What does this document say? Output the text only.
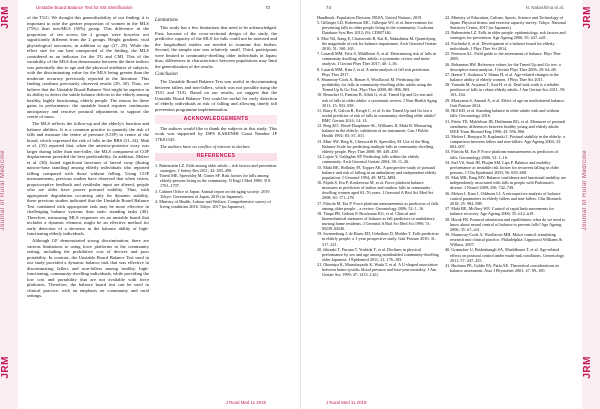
JRM
Journal of Rural Medicine
JRM
Unstable Board Balance Test for MS Identification	73

of the TUG. We thought this generalizability of our finding; it is important to note the greater proportion of women in the MLS (75%) than non-MLS (30%) group. This difference in the proportion of sex across the 2 groups were however not significantly different from the 2 groups. Height gradient, vital physiological outcomes, in addition to age (27, 29). While the effect size for our best unexpected of the finding, the MLS considered as an indicator for the TG and CMI. This of the variability of the MLS that demonstrate between the three indices was potentially due to age and the physical attributes of subjects, with the discriminating value for the MLS being greater than the moderate accuracy previously reported in the literature. This finding confirms previously observed results (29, 30). Thus, we believe that the Unstable Board Balance Test might be superior in its ability to detect the subtle balance deficits in the elderly among healthy, highly functioning, elderly people. The reason for these gains in performance: the unstable board requires continuous anticipatory and reactive postural adjustments to support the centre of mass.

The MLS reflects the follow-up and the elderly's function and balance abilities. It is a common practice to quantify the risk of falls and measure the centre of pressure (COP) in centre of the board, which expressed the risk of falls in the BBS (31–34). Mak et al. (35) reported that, when the anterior-posterior sway was larger during faller than non-faller, the MLS component of COP displacement provided the best predictability. In addition, Melzer et al. (36) found significant increases of lateral sway (during narrow-base standing) among elderly individuals who reported falling compared with those without falling. Using COP measurements, previous studies have observed that when vision, proprioceptive feedback and vestibular input are altered, people who are older have poorer postural stability. Thus, with appropriate degradation occurring only for dynamic stability, these previous studies indicated that the Unstable Board Balance Test combined with appropriate task may be more effective in challenging balance systems than static standing tasks (40). Therefore, measuring MLS responses on an unstable board that includes a dynamic element, might be an effective method for early detection of a decrease in the balance ability of high-functioning elderly individuals.

Although GF demonstrated strong discrimination, there are various limitations to using force platforms in the community setting, including the prohibitive cost of devices and poor portability. In contrast, the Unstable Board Balance Test used in our study provided a dynamic balance task that was effective in discriminating fallers and non-fallers among healthy, high-functioning, community-dwelling individuals, while providing the low cost and portability that are not available with force platforms. Therefore, the balance board test can be used in clinical practice, with an emphasis on community and rural settings.

Limitations

This study has a few limitations that need to be acknowledged. First, because of the cross-sectional design of the study, the predictive capacity of the MLS for falls could not be assessed and the longitudinal studies are needed to examine this further. Second, the sample size was relatively small. Third, participants were limited to community-dwelling older individuals in Japan; thus, differences in characteristics between populations may limit the generalization of the results.

Conclusion

The Unstable Board Balance Test was useful in discriminating between fallers and non-fallers, which was not possible using the TUG and TUG. Based on our results, we suggest that the Unstable Board Balance Test could be useful for early detection of elderly individuals at risk of falling and allowing timely fall prevention programme implementation.

ACKNOWLEDGEMENTS

The authors would like to thank the subjects in this study. This work was supported by JSPS KAKENHI Grant Number JP 17K01545.

The authors have no conflict of interest to declare.

REFERENCES
1. Rubenstein LZ. Falls among older adults – risk factors and prevention strategies. J Safety Res 2011; 42: 493–499.
2. Tinetti ME, Speechley M, Ginter SF. Risk factors for falls among elderly persons living in the community. N Engl J Med 1988; 319: 1701–1707.
3. Cabinet Office of Japan. Annual report on the aging society: 2019. Tokyo: Government of Japan, 2019 (in Japanese).
4. Ministry of Health, Labour and Welfare. Comprehensive survey of living conditions 2016. Tokyo, 2017 (in Japanese).
J Rural Med 11 2019
JRM
Journal of Rural Medicine
JRM
74	N. Nakashima et al.
Handbook. Population Division, DESA, United Nations, 2019.
5. Gillespie LD, Robertson MC, Gillespie WJ, et al. Interventions for preventing falls in older people living in the community. Cochrane Database Syst Rev 2012; (9): CD007146.
6. Moe Nil, Kang E, Chatsworth B, Kai K, Nakashima M. Quantifying the magnitude of risk for balance impairment. Arch Gerontol Geriatr 2010; 51: 160–165.
7. Lusardi MM, Fritz S, Middleton A, et al. Determining risk of falls in community dwelling older adults: a systematic review and meta-analysis. J Geriatr Phys Ther 2017; 40: 1–36.
8. Lusardi MM, Kim J, et al. A meta-analysis of fall risk prediction. Phys Ther 2017.
9. Shumway-Cook A, Brauer S, Woollacott M. Predicting the probability for falls in community-dwelling older adults using the Timed Up & Go Test. Phys Ther 2000; 80: 896–903.
10. Beauchet O, Fantino B, Allali G, et al. Timed Up and Go test and risk of falls in older adults: a systematic review. J Nutr Health Aging 2011; 15: 933–938.
11. Barry E, Galvin R, Keogh C, et al. Is the Timed Up and Go test a useful predictor of risk of falls in community dwelling older adults? BMC Geriatr 2014; 14: 14.
12. Berg KO, Wood-Dauphinee SL, Williams JI, Maki B. Measuring balance in the elderly: validation of an instrument. Can J Public Health 1992; 83: S7–S11.
13. Muir SW, Berg K, Chesworth B, Speechley M. Use of the Berg Balance Scale for predicting multiple falls in community-dwelling elderly people. Phys Ther 2008; 88: 449–459.
14. Lajoie Y, Gallagher SP. Predicting falls within the elderly community. Arch Gerontol Geriatr 2004; 38: 11–26.
15. Maki BE, Holliday PJ, Topper AK. A prospective study of postural balance and risk of falling in an ambulatory and independent elderly population. J Gerontol 1994; 49: M72–M84.
16. Pajala S, Era P, Koskenvuo M, et al. Force platform balance measures as predictors of indoor and outdoor falls in community-dwelling women aged 63–76 years. J Gerontol A Biol Sci Med Sci 2008; 63: 171–178.
17. Piirtola M, Era P. Force platform measurements as predictors of falls among older people – a review. Gerontology 2006; 52: 1–16.
18. Thapa PB, Gideon P, Brockman KG, et al. Clinical and biomechanical measures of balance as fall predictors in ambulatory nursing home residents. J Gerontol A Biol Sci Med Sci 1996; 51: M239–M246.
19. Swanenburg J, de Bruin ED, Uebelhart D, Mulder T. Falls prediction in elderly people: a 1-year prospective study. Gait Posture 2010; 31: 317–321.
20. Ishizaki T, Furuna T, Yoshida Y, et al. Declines in physical performance by sex and age among nondisabled community-dwelling older Japanese. J Epidemiol 2011; 21: 176–183.
21. Okumiya K, Matsubayashi K, Wada T, et al. A U-shaped association between home systolic blood pressure and four-year mortality. J Am Geriatr Soc 1999; 47: 1415–1421.
22. Ministry of Education, Culture, Sports, Science and Technology of Japan. Physical fitness and exercise capacity survey. Tokyo: National Statistics Center, 2017 (in Japanese).
23. Rubenstein LZ. Falls in older people: epidemiology, risk factors and strategies for prevention. Age Ageing 2006; 35: ii37–ii41.
24. Fuchioka S, et al. Development of a balance board for elderly individuals. J Phys Ther Sci 2014.
25. Peterson AL. Field guide to the assessment of balance. Phys Ther 2005.
26. Bohannon RW. Reference values for the Timed Up and Go test: a descriptive meta-analysis. J Geriatr Phys Ther 2006; 29: 64–68.
27. Ikezoe T, Asakawa Y, Shima H, et al. Age-related changes in the balance ability of elderly women. J Phys Ther Sci 2011.
28. Yamada M, Aoyama T, Arai H, et al. Dual-task walk is a reliable predictor of falls in robust elderly adults. J Am Geriatr Soc 2011; 59: 163–164.
29. Mariyama S, Amaral A, et al. Effect of age on mediolateral balance. Gait Posture 2014.
30. Hill KD, et al. Standing balance in older adults with and without falls. Gerontology 2016.
31. Prieto TE, Myklebust JB, Hoffmann RG, et al. Measures of postural steadiness: differences between healthy young and elderly adults. IEEE Trans Biomed Eng 1996; 43: 956–966.
32. Melzer I, Benjuya N, Kaplanski J. Postural stability in the elderly: a comparison between fallers and non-fallers. Age Ageing 2004; 33: 602–607.
33. Piirtola M, Era P. Force platform measurements as predictors of falls. Gerontology 2006; 52: 1–16.
34. Stel VS, Smit JH, Pluijm SM, Lips P. Balance and mobility performance as treatable risk factors for recurrent falling in older persons. J Clin Epidemiol 2003; 56: 659–668.
35. Mak MK, Pang MY. Balance confidence and functional mobility are independently associated with falls in people with Parkinson's disease. J Neurol 2009; 256: 742–749.
36. Melzer I, Kurz I, Oddsson LI. A retrospective analysis of balance control parameters in elderly fallers and non-fallers. Clin Biomech 2010; 25: 984–988.
37. Maki BE, McIlroy WE. Control of rapid limb movements for balance recovery. Age Ageing 2006; 35: ii12–ii18.
38. Horak FB. Postural orientation and equilibrium: what do we need to know about neural control of balance to prevent falls? Age Ageing 2006; 35: ii7–ii11.
39. Shumway-Cook A, Woollacott MH. Motor control: translating research into clinical practice. Philadelphia: Lippincott Williams & Wilkins, 2007.
40. Granacher U, Bridenbaugh SA, Muehlbauer T, et al. Age-related effects on postural control under multi-task conditions. Gerontology 2011; 57: 247–255.
41. Huxham FE, Goldie PA, Patla AE. Theoretical considerations in balance assessment. Aust J Physiother 2001; 47: 89–100.
J Rural Med 11 2019
